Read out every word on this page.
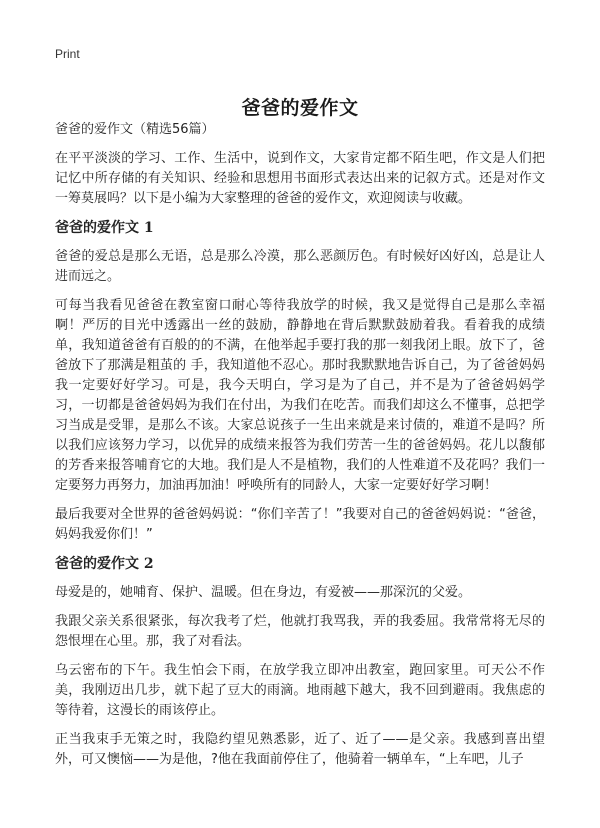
Print
爸爸的爱作文

爸爸的爱作文（精选56篇）

在平平淡淡的学习、工作、生活中，说到作文，大家肯定都不陌生吧，作文是人们把记忆中所存储的有关知识、经验和思想用书面形式表达出来的记叙方式。还是对作文一筹莫展吗？以下是小编为大家整理的爸爸的爱作文，欢迎阅读与收藏。

爸爸的爱作文 1

爸爸的爱总是那么无语，总是那么冷漠，那么恶颜厉色。有时候好凶好凶，总是让人进而远之。

可每当我看见爸爸在教室窗口耐心等待我放学的时候，我又是觉得自己是那么幸福啊！严厉的目光中透露出一丝的鼓励，静静地在背后默默鼓励着我。看着我的成绩单，我知道爸爸有百般的的不满，在他举起手要打我的那一刻我闭上眼。放下了，爸爸放下了那满是粗茧的 手，我知道他不忍心。那时我默默地告诉自己，为了爸爸妈妈我一定要好好学习。可是，我今天明白，学习是为了自己，并不是为了爸爸妈妈学习，一切都是爸爸妈妈为我们在付出，为我们在吃苦。而我们却这么不懂事，总把学习当成是受罪，是那么不该。大家总说孩子一生出来就是来讨债的，难道不是吗？所以我们应该努力学习，以优异的成绩来报答为我们劳苦一生的爸爸妈妈。花儿以馥郁的芳香来报答哺育它的大地。我们是人不是植物，我们的人性难道不及花吗？我们一定要努力再努力，加油再加油！呼唤所有的同龄人，大家一定要好好学习啊！

最后我要对全世界的爸爸妈妈说：“你们辛苦了！”我要对自己的爸爸妈妈说：“爸爸，妈妈我爱你们！”

爸爸的爱作文 2

母爱是的，她哺育、保护、温暖。但在身边，有爱被——那深沉的父爱。

我跟父亲关系很紧张，每次我考了烂，他就打我骂我，弄的我委屈。我常常将无尽的怨恨埋在心里。那，我了对看法。

乌云密布的下午。我生怕会下雨，在放学我立即冲出教室，跑回家里。可天公不作美，我刚迈出几步，就下起了豆大的雨滴。地雨越下越大，我不回到避雨。我焦虑的等待着，这漫长的雨该停止。

正当我束手无策之时，我隐约望见熟悉影，近了、近了——是父亲。我感到喜出望外，可又懊恼——为是他，?他在我面前停住了，他骑着一辆单车，“上车吧，儿子
